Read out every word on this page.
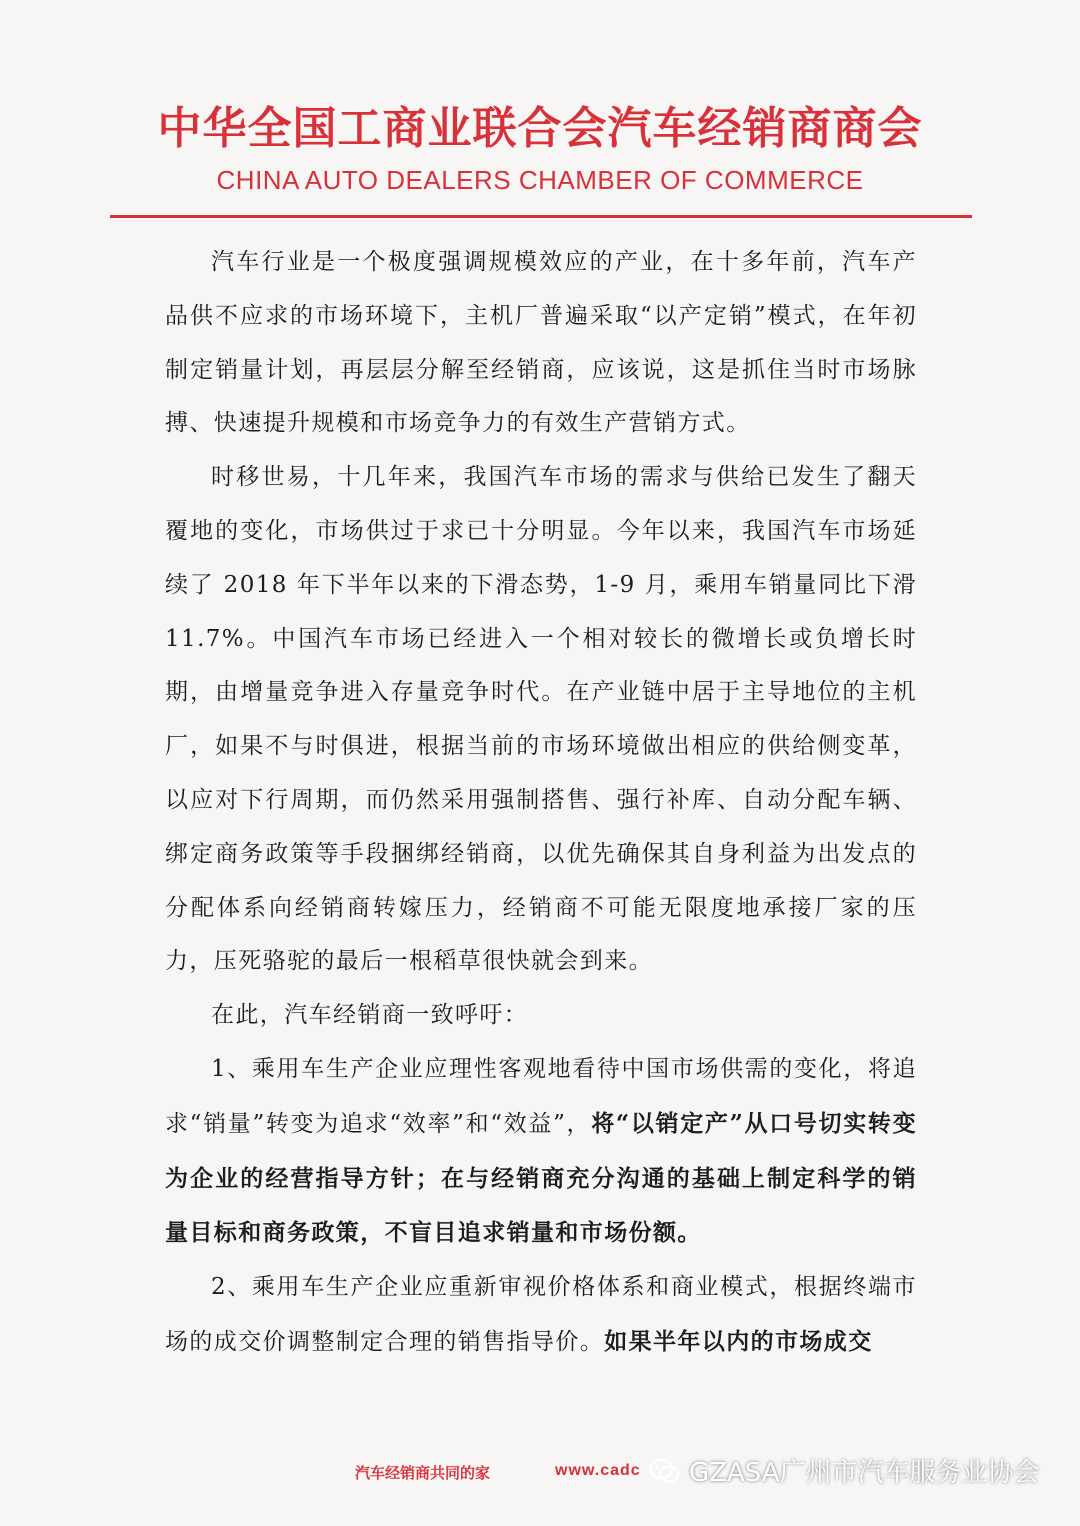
中华全国工商业联合会汽车经销商商会
CHINA AUTO DEALERS CHAMBER OF COMMERCE

汽车行业是一个极度强调规模效应的产业，在十多年前，汽车产品供不应求的市场环境下，主机厂普遍采取“以产定销”模式，在年初制定销量计划，再层层分解至经销商，应该说，这是抓住当时市场脉搏、快速提升规模和市场竞争力的有效生产营销方式。

时移世易，十几年来，我国汽车市场的需求与供给已发生了翻天覆地的变化，市场供过于求已十分明显。今年以来，我国汽车市场延续了 2018 年下半年以来的下滑态势，1-9 月，乘用车销量同比下滑 11.7%。中国汽车市场已经进入一个相对较长的微增长或负增长时期，由增量竞争进入存量竞争时代。在产业链中居于主导地位的主机厂，如果不与时俱进，根据当前的市场环境做出相应的供给侧变革，以应对下行周期，而仍然采用强制搭售、强行补库、自动分配车辆、绑定商务政策等手段捆绑经销商，以优先确保其自身利益为出发点的分配体系向经销商转嫁压力，经销商不可能无限度地承接厂家的压力，压死骆驼的最后一根稻草很快就会到来。

在此，汽车经销商一致呼吁：

1、乘用车生产企业应理性客观地看待中国市场供需的变化，将追求“销量”转变为追求“效率”和“效益”，将“以销定产”从口号切实转变为企业的经营指导方针；在与经销商充分沟通的基础上制定科学的销量目标和商务政策，不盲目追求销量和市场份额。

2、乘用车生产企业应重新审视价格体系和商业模式，根据终端市场的成交价调整制定合理的销售指导价。如果半年以内的市场成交

汽车经销商共同的家	www.cadc GZASA广州市汽车服务业协会
